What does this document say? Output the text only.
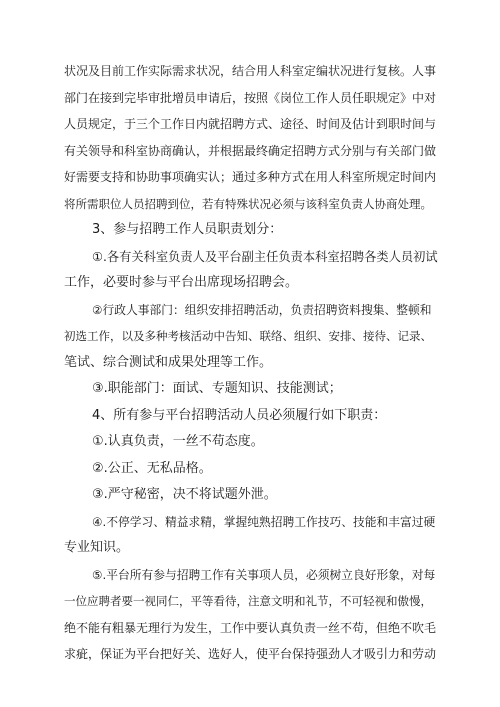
状况及目前工作实际需求状况，结合用人科室定编状况进行复核。人事
部门在接到完毕审批增员申请后，按照《岗位工作人员任职规定》中对
人员规定，于三个工作日内就招聘方式、途径、时间及估计到职时间与
有关领导和科室协商确认，并根据最终确定招聘方式分别与有关部门做
好需要支持和协助事项确实认；通过多种方式在用人科室所规定时间内
将所需职位人员招聘到位，若有特殊状况必须与该科室负责人协商处理。
3、参与招聘工作人员职责划分：
①.各有关科室负责人及平台副主任负责本科室招聘各类人员初试
工作，必要时参与平台出席现场招聘会。
②行政人事部门：组织安排招聘活动，负责招聘资料搜集、整顿和
初选工作，以及多种考核活动中告知、联络、组织、安排、接待、记录、
笔试、综合测试和成果处理等工作。
③.职能部门：面试、专题知识、技能测试；
4、所有参与平台招聘活动人员必须履行如下职责：
①.认真负责，一丝不苟态度。
②.公正、无私品格。
③.严守秘密，决不将试题外泄。
④.不停学习、精益求精，掌握纯熟招聘工作技巧、技能和丰富过硬
专业知识。
⑤.平台所有参与招聘工作有关事项人员，必须树立良好形象，对每
一位应聘者要一视同仁，平等看待，注意文明和礼节，不可轻视和傲慢，
绝不能有粗暴无理行为发生，工作中要认真负责一丝不苟，但绝不吹毛
求疵，保证为平台把好关、选好人，使平台保持强劲人才吸引力和劳动
